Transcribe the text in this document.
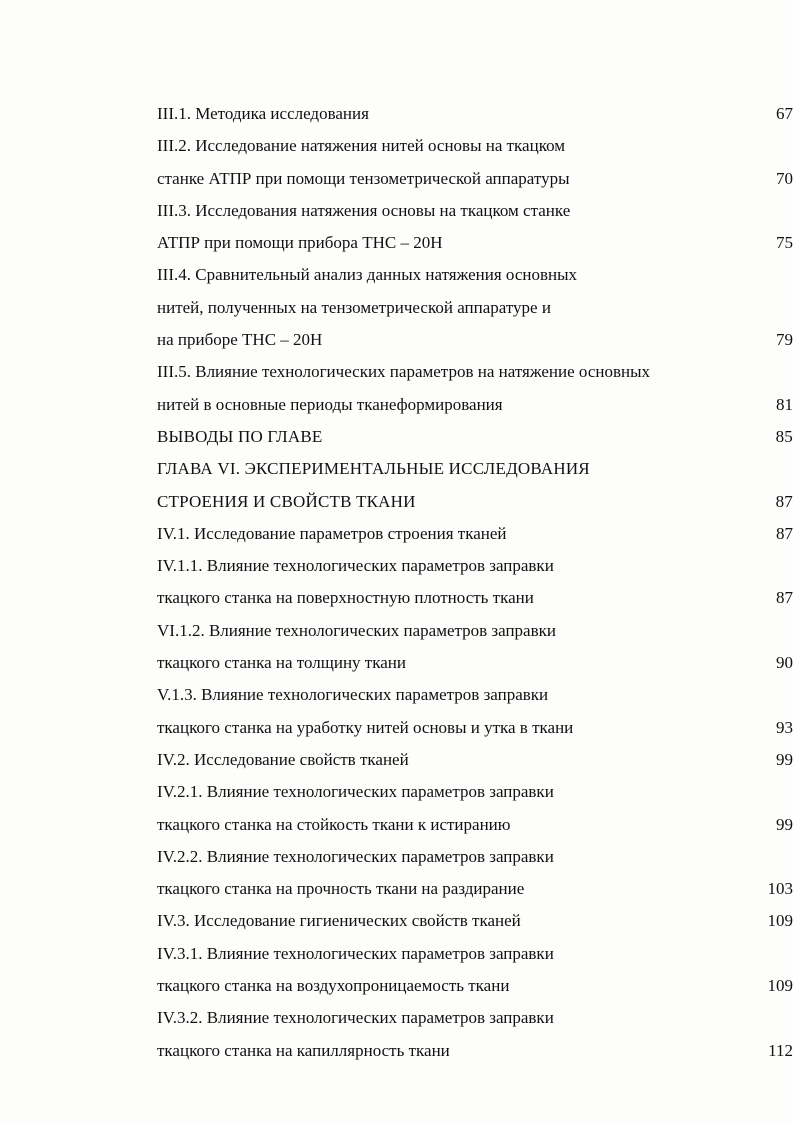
III.1. Методика исследования	67
III.2. Исследование натяжения нитей основы на ткацком
станке АТПР при помощи тензометрической аппаратуры	70
III.3. Исследования натяжения основы на ткацком станке
АТПР при помощи прибора ТНС – 20Н	75
III.4. Сравнительный анализ данных натяжения основных
нитей, полученных на тензометрической аппаратуре и
на приборе ТНС – 20Н	79
III.5. Влияние технологических параметров на натяжение основных
нитей в основные периоды тканеформирования	81
ВЫВОДЫ ПО ГЛАВЕ	85
ГЛАВА VI. ЭКСПЕРИМЕНТАЛЬНЫЕ ИССЛЕДОВАНИЯ
СТРОЕНИЯ И СВОЙСТВ ТКАНИ	87
IV.1. Исследование параметров строения тканей	87
IV.1.1. Влияние технологических параметров заправки
ткацкого станка на поверхностную плотность ткани	87
VI.1.2. Влияние технологических параметров заправки
ткацкого станка на толщину ткани	90
V.1.3. Влияние технологических параметров заправки
ткацкого станка на уработку нитей основы и утка в ткани	93
IV.2. Исследование свойств тканей	99
IV.2.1. Влияние технологических параметров заправки
ткацкого станка на стойкость ткани к истиранию	99
IV.2.2. Влияние технологических параметров заправки
ткацкого станка на прочность ткани на раздирание	103
IV.3. Исследование гигиенических свойств тканей	109
IV.3.1. Влияние технологических параметров заправки
ткацкого станка на воздухопроницаемость ткани	109
IV.3.2. Влияние технологических параметров заправки
ткацкого станка на капиллярность ткани	112
